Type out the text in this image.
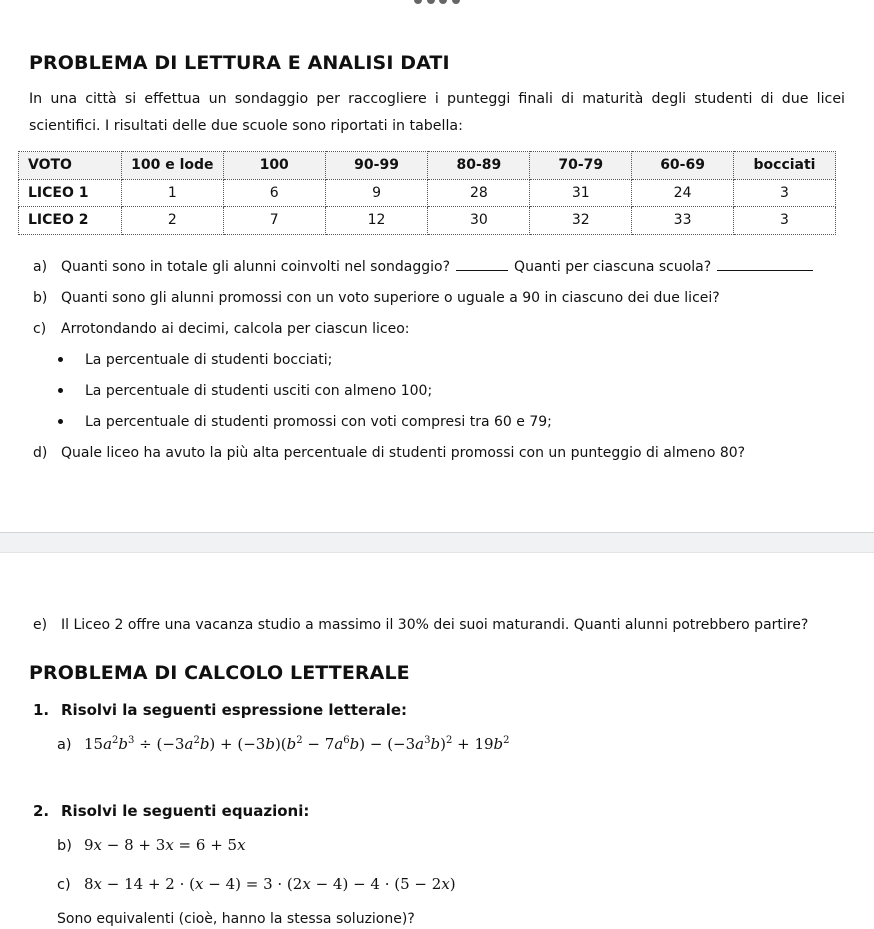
PROBLEMA DI LETTURA E ANALISI DATI
In una città si effettua un sondaggio per raccogliere i punteggi finali di maturità degli studenti di due licei
scientifici. I risultati delle due scuole sono riportati in tabella:
VOTO	100 e lode	100	90-99	80-89	70-79	60-69	bocciati
LICEO 1	1	6	9	28	31	24	3
LICEO 2	2	7	12	30	32	33	3
a) Quanti sono in totale gli alunni coinvolti nel sondaggio?	Quanti per ciascuna scuola?
b) Quanti sono gli alunni promossi con un voto superiore o uguale a 90 in ciascuno dei due licei?
c) Arrotondando ai decimi, calcola per ciascun liceo:
La percentuale di studenti bocciati;
La percentuale di studenti usciti con almeno 100;
La percentuale di studenti promossi con voti compresi tra 60 e 79;
d) Quale liceo ha avuto la più alta percentuale di studenti promossi con un punteggio di almeno 80?
e) Il Liceo 2 offre una vacanza studio a massimo il 30% dei suoi maturandi. Quanti alunni potrebbero partire?
PROBLEMA DI CALCOLO LETTERALE
1. Risolvi la seguenti espressione letterale:
a) $15a^2b^3 \div (-3a^2b) + (-3b)(b^2 - 7a^6b) - (-3a^3b)^2 + 19b^2$
2. Risolvi le seguenti equazioni:
b) 9x − 8 + 3x = 6 + 5x
c) 8x − 14 + 2 · (x − 4) = 3 · (2x − 4) − 4 · (5 − 2x)
Sono equivalenti (cioè, hanno la stessa soluzione)?
